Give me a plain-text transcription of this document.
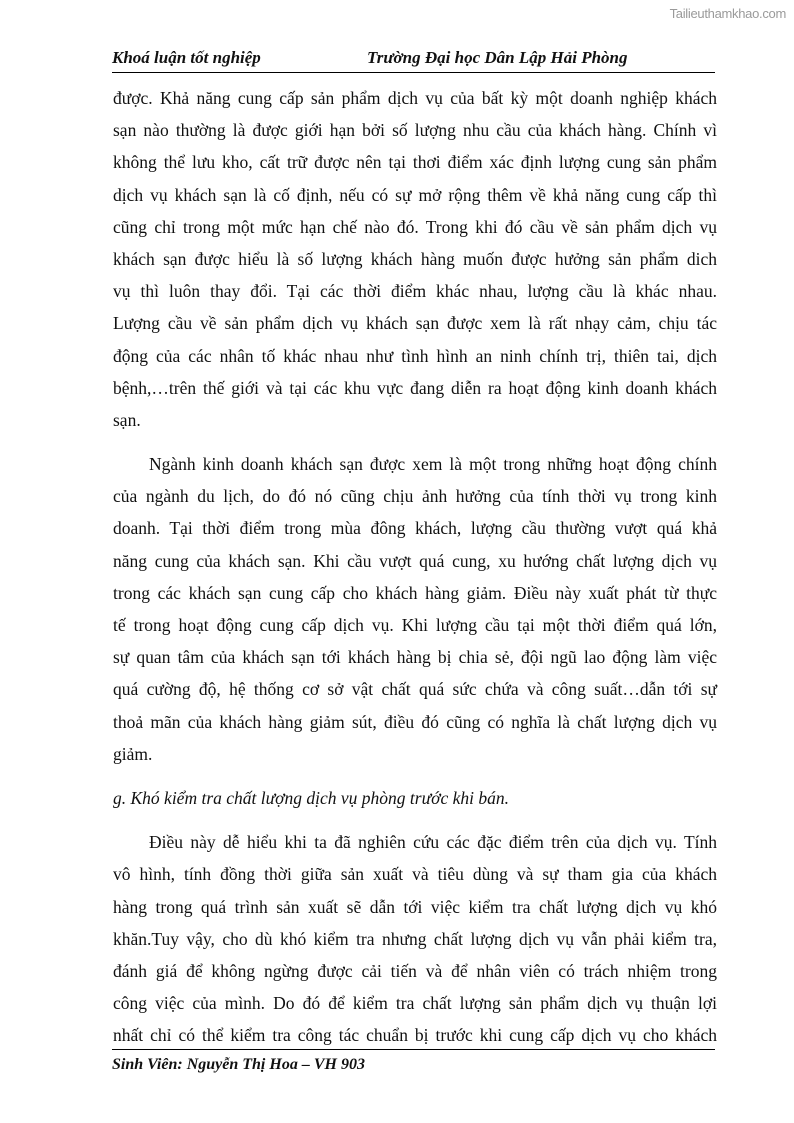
Tailieuthamkhao.com
Khoá luận tốt nghiệp	Trường Đại học Dân Lập Hải Phòng
được. Khả năng cung cấp sản phẩm dịch vụ của bất kỳ một doanh nghiệp khách
sạn nào thường là được giới hạn bởi số lượng nhu cầu của khách hàng. Chính vì
không thể lưu kho, cất trữ được nên tại thơi điểm xác định lượng cung sản phẩm
dịch vụ khách sạn là cố định, nếu có sự mở rộng thêm về khả năng cung cấp thì
cũng chỉ trong một mức hạn chế nào đó. Trong khi đó cầu về sản phẩm dịch vụ
khách sạn được hiểu là số lượng khách hàng muốn được hưởng sản phẩm dich
vụ thì luôn thay đổi. Tại các thời điểm khác nhau, lượng cầu là khác nhau.
Lượng cầu về sản phẩm dịch vụ khách sạn được xem là rất nhạy cảm, chịu tác
động của các nhân tố khác nhau như tình hình an ninh chính trị, thiên tai, dịch
bệnh,…trên thế giới và tại các khu vực đang diễn ra hoạt động kinh doanh khách
sạn.
Ngành kinh doanh khách sạn được xem là một trong những hoạt động chính
của ngành du lịch, do đó nó cũng chịu ảnh hưởng của tính thời vụ trong kinh
doanh. Tại thời điểm trong mùa đông khách, lượng cầu thường vượt quá khả
năng cung của khách sạn. Khi cầu vượt quá cung, xu hướng chất lượng dịch vụ
trong các khách sạn cung cấp cho khách hàng giảm. Điều này xuất phát từ thực
tế trong hoạt động cung cấp dịch vụ. Khi lượng cầu tại một thời điểm quá lớn,
sự quan tâm của khách sạn tới khách hàng bị chia sẻ, đội ngũ lao động làm việc
quá cường độ, hệ thống cơ sở vật chất quá sức chứa và công suất…dẫn tới sự
thoả mãn của khách hàng giảm sút, điều đó cũng có nghĩa là chất lượng dịch vụ
giảm.
g. Khó kiểm tra chất lượng dịch vụ phòng trước khi bán.
Điều này dễ hiểu khi ta đã nghiên cứu các đặc điểm trên của dịch vụ. Tính
vô hình, tính đồng thời giữa sản xuất và tiêu dùng và sự tham gia của khách
hàng trong quá trình sản xuất sẽ dẫn tới việc kiểm tra chất lượng dịch vụ khó
khăn.Tuy vậy, cho dù khó kiểm tra nhưng chất lượng dịch vụ vẫn phải kiểm tra,
đánh giá để không ngừng được cải tiến và để nhân viên có trách nhiệm trong
công việc của mình. Do đó để kiểm tra chất lượng sản phẩm dịch vụ thuận lợi
nhất chỉ có thể kiểm tra công tác chuẩn bị trước khi cung cấp dịch vụ cho khách
Sinh Viên: Nguyễn Thị Hoa – VH 903
